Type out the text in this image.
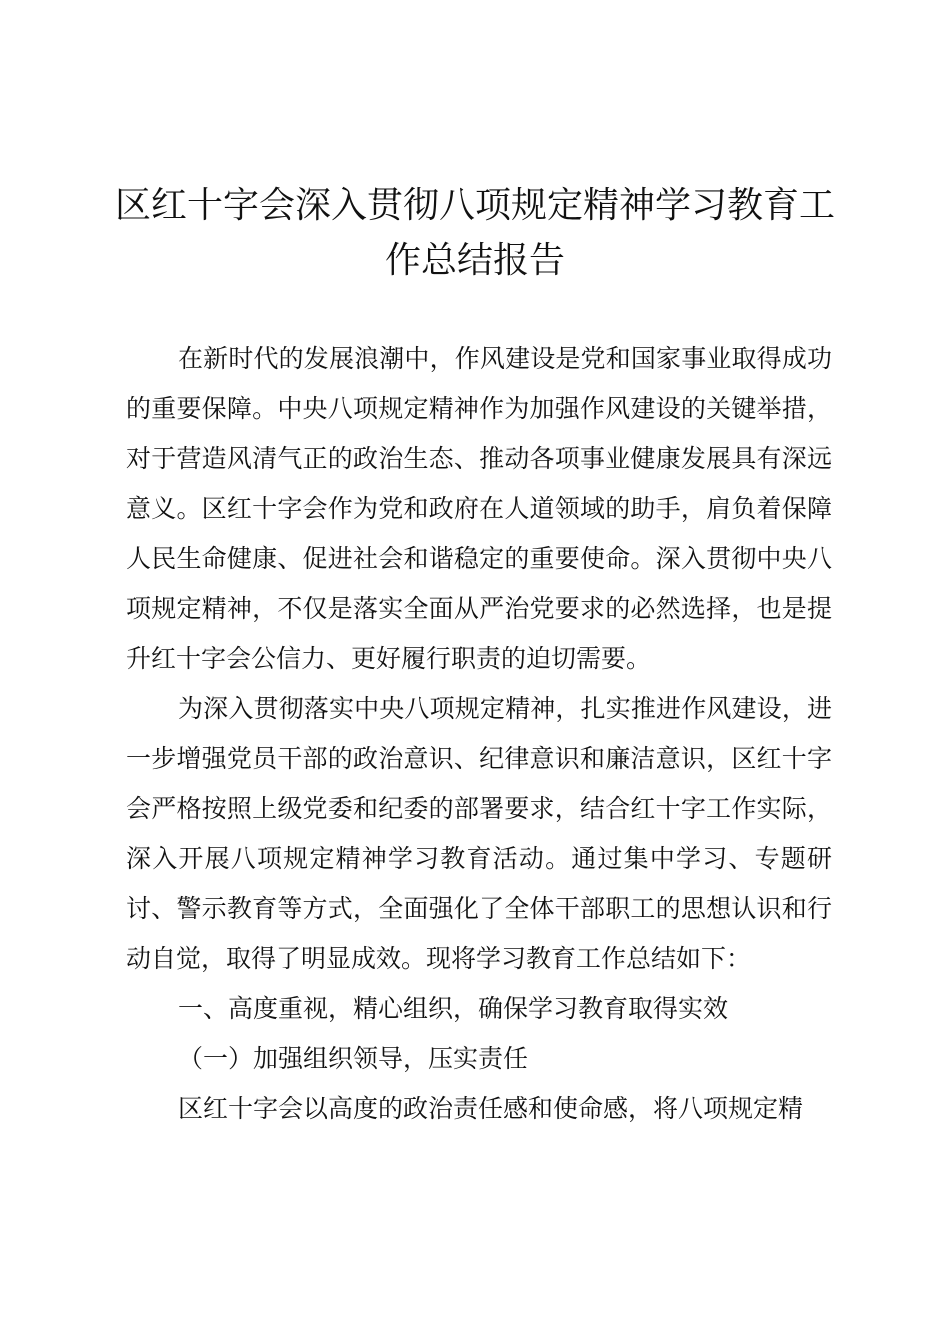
区红十字会深入贯彻八项规定精神学习教育工作总结报告

在新时代的发展浪潮中，作风建设是党和国家事业取得成功的重要保障。中央八项规定精神作为加强作风建设的关键举措，对于营造风清气正的政治生态、推动各项事业健康发展具有深远意义。区红十字会作为党和政府在人道领域的助手，肩负着保障人民生命健康、促进社会和谐稳定的重要使命。深入贯彻中央八项规定精神，不仅是落实全面从严治党要求的必然选择，也是提升红十字会公信力、更好履行职责的迫切需要。

为深入贯彻落实中央八项规定精神，扎实推进作风建设，进一步增强党员干部的政治意识、纪律意识和廉洁意识，区红十字会严格按照上级党委和纪委的部署要求，结合红十字工作实际，深入开展八项规定精神学习教育活动。通过集中学习、专题研讨、警示教育等方式，全面强化了全体干部职工的思想认识和行动自觉，取得了明显成效。现将学习教育工作总结如下：

一、高度重视，精心组织，确保学习教育取得实效

（一）加强组织领导，压实责任

区红十字会以高度的政治责任感和使命感，将八项规定精
